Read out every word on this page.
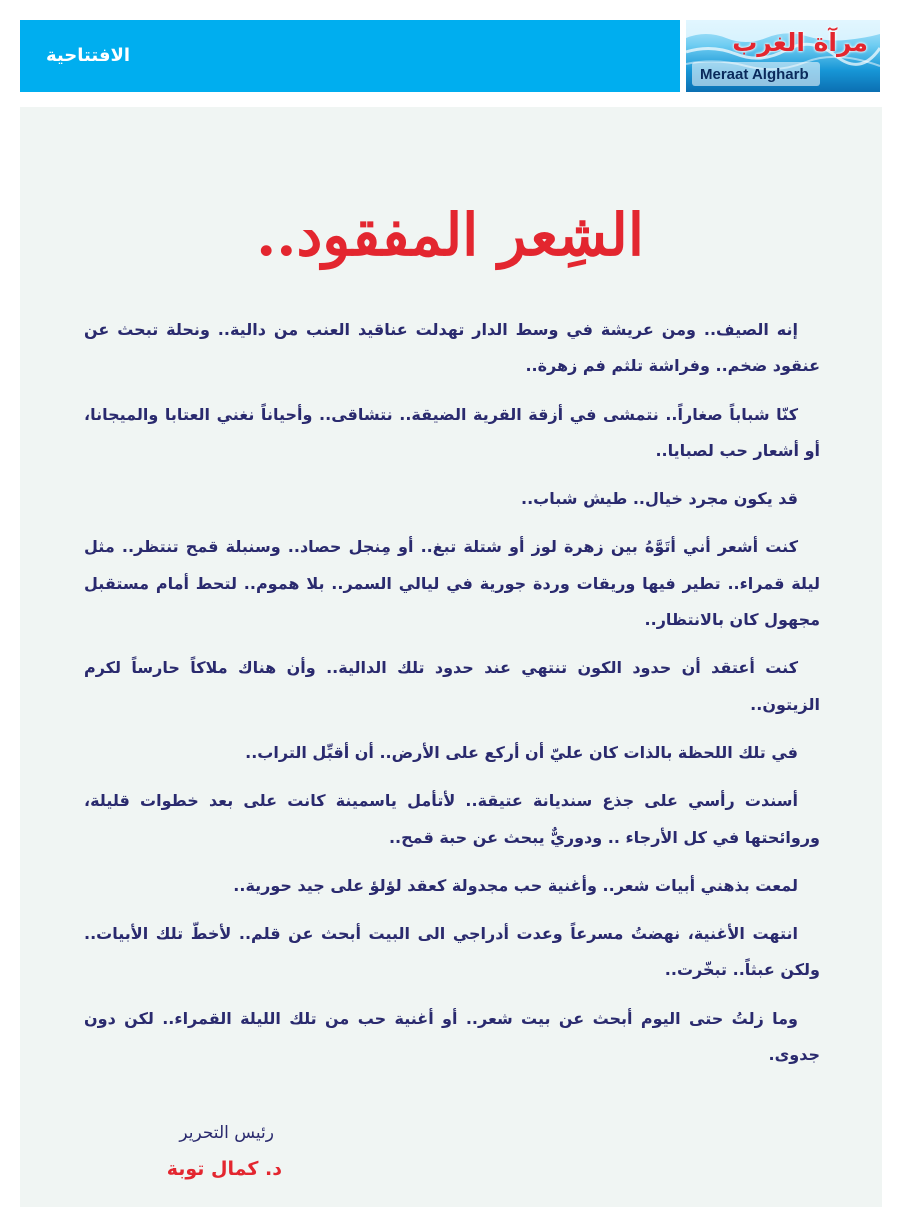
الافتتاحية	مرآة الغرب
Meraat Algharb
الشِعر المفقود..

إنه الصيف.. ومن عريشة في وسط الدار تهدلت عناقيد العنب من دالية.. ونحلة تبحث عن عنقود ضخم.. وفراشة تلثم فم زهرة..

كنّا شباباً صغاراً.. نتمشى في أزقة القرية الضيقة.. نتشاقى.. وأحياناً نغني العتابا والميجانا، أو أشعار حب لصبايا..

قد يكون مجرد خيال.. طيش شباب..

كنت أشعر أني أتَوَّهُ بين زهرة لوز أو شتلة تبغ.. أو مِنجل حصاد.. وسنبلة قمح تنتظر.. مثل ليلة قمراء.. تطير فيها وريقات وردة جورية في ليالي السمر.. بلا هموم.. لتحط أمام مستقبل مجهول كان بالانتظار..

كنت أعتقد أن حدود الكون تنتهي عند حدود تلك الدالية.. وأن هناك ملاكاً حارساً لكرم الزيتون..

في تلك اللحظة بالذات كان عليّ أن أركع على الأرض.. أن أقبِّل التراب..

أسندت رأسي على جذع سنديانة عتيقة.. لأتأمل ياسمينة كانت على بعد خطوات قليلة، وروائحتها في كل الأرجاء .. ودوريٌّ يبحث عن حبة قمح..

لمعت بذهني أبيات شعر.. وأغنية حب مجدولة كعقد لؤلؤ على جيد حورية..

انتهت الأغنية، نهضتُ مسرعاً وعدت أدراجي الى البيت أبحث عن قلم.. لأخطّ تلك الأبيات.. ولكن عبثاً.. تبخّرت..

وما زلتُ حتى اليوم أبحث عن بيت شعر.. أو أغنية حب من تلك الليلة القمراء.. لكن دون جدوى.

رئيس التحرير
د. كمال توبة
